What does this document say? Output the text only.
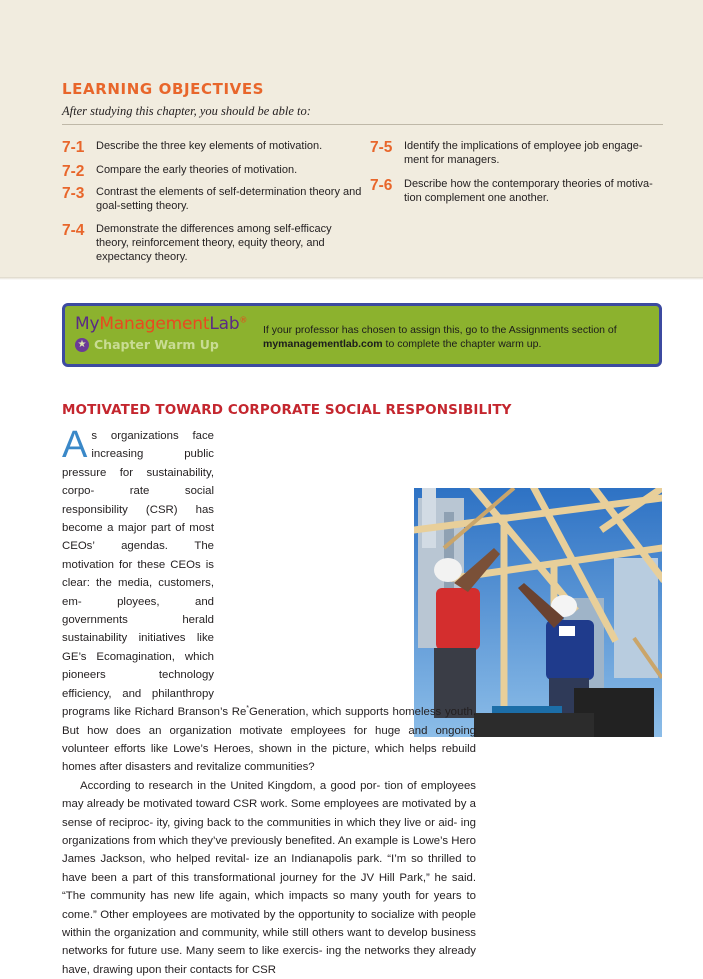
LEARNING OBJECTIVES

After studying this chapter, you should be able to:

7-1	Describe the three key elements of motivation.
7-2	Compare the early theories of motivation.
7-3	Contrast the elements of self-determination theory and goal-setting theory.
7-4	Demonstrate the differences among self-efficacy theory, reinforcement theory, equity theory, and expectancy theory.
7-5	Identify the implications of employee job engage- ment for managers.
7-6	Describe how the contemporary theories of motiva- tion complement one another.
MyManagementLab®
★ Chapter Warm Up
If your professor has chosen to assign this, go to the Assignments section of mymanagementlab.com to complete the chapter warm up.
MOTIVATED TOWARD CORPORATE SOCIAL RESPONSIBILITY

A s organizations face increasing public pressure for sustainability, corpo- rate social responsibility (CSR) has become a major part of most CEOs’ agendas. The motivation for these CEOs is clear: the media, customers, em- ployees, and governments herald sustainability initiatives like GE’s Ecomagination, which pioneers technology efficiency, and philanthropy programs like Richard Branson’s Re*Generation, which supports homeless youth. But how does an organization motivate employees for huge and ongoing volunteer efforts like Lowe’s Heroes, shown in the picture, which helps rebuild homes after disasters and revitalize communities?

According to research in the United Kingdom, a good por- tion of employees may already be motivated toward CSR work. Some employees are motivated by a sense of reciproc- ity, giving back to the communities in which they live or aid- ing organizations from which they’ve previously benefited. An example is Lowe’s Hero James Jackson, who helped revital- ize an Indianapolis park. “I’m so thrilled to have been a part of this transformational journey for the JV Hill Park,” he said. “The community has new life again, which impacts so many youth for years to come.” Other employees are motivated by the opportunity to socialize with people within the organization and community, while still others want to develop business networks for future use. Many seem to like exercis- ing the networks they already have, drawing upon their contacts for CSR
